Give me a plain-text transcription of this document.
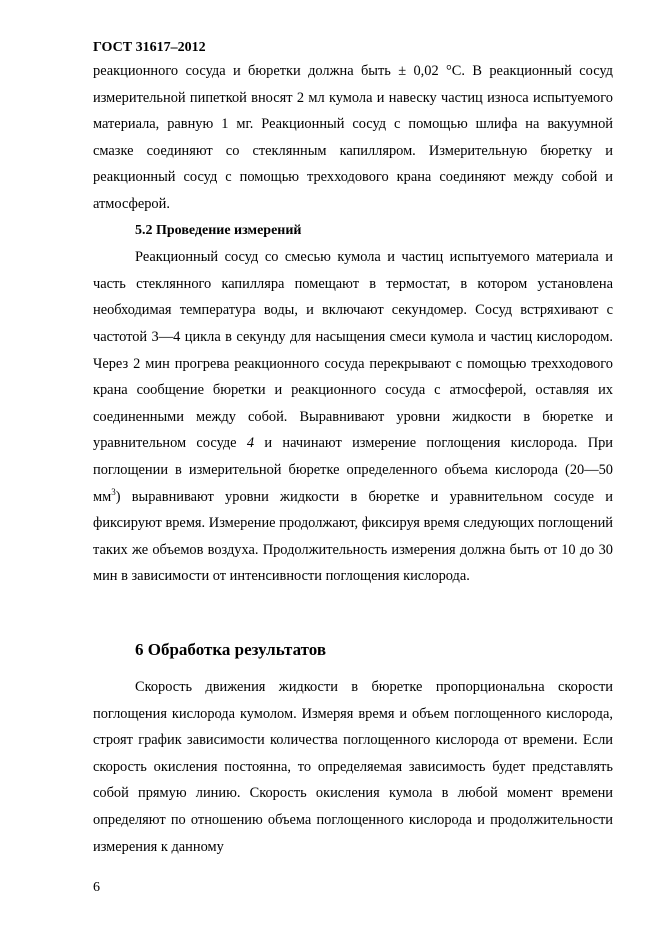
ГОСТ 31617–2012

реакционного сосуда и бюретки должна быть ± 0,02 °С. В реакционный сосуд измерительной пипеткой вносят 2 мл кумола и навеску частиц износа испытуемого материала, равную 1 мг. Реакционный сосуд с помощью шлифа на вакуумной смазке соединяют со стеклянным капилляром. Измерительную бюретку и реакционный сосуд с помощью трехходового крана соединяют между собой и атмосферой.

5.2 Проведение измерений

Реакционный сосуд со смесью кумола и частиц испытуемого материала и часть стеклянного капилляра помещают в термостат, в котором установлена необходимая температура воды, и включают секундомер. Сосуд встряхивают с частотой 3—4 цикла в секунду для насыщения смеси кумола и частиц кислородом. Через 2 мин прогрева реакционного сосуда перекрывают с помощью трехходового крана сообщение бюретки и реакционного сосуда с атмосферой, оставляя их соединенными между собой. Выравнивают уровни жидкости в бюретке и уравнительном сосуде 4 и начинают измерение поглощения кислорода. При поглощении в измерительной бюретке определенного объема кислорода (20—50 $мм^3$) выравнивают уровни жидкости в бюретке и уравнительном сосуде и фиксируют время. Измерение продолжают, фиксируя время следующих поглощений таких же объемов воздуха. Продолжительность измерения должна быть от 10 до 30 мин в зависимости от интенсивности поглощения кислорода.

6 Обработка результатов

Скорость движения жидкости в бюретке пропорциональна скорости поглощения кислорода кумолом. Измеряя время и объем поглощенного кислорода, строят график зависимости количества поглощенного кислорода от времени. Если скорость окисления постоянна, то определяемая зависимость будет представлять собой прямую линию. Скорость окисления кумола в любой момент времени определяют по отношению объема поглощенного кислорода и продолжительности измерения к данному

6
